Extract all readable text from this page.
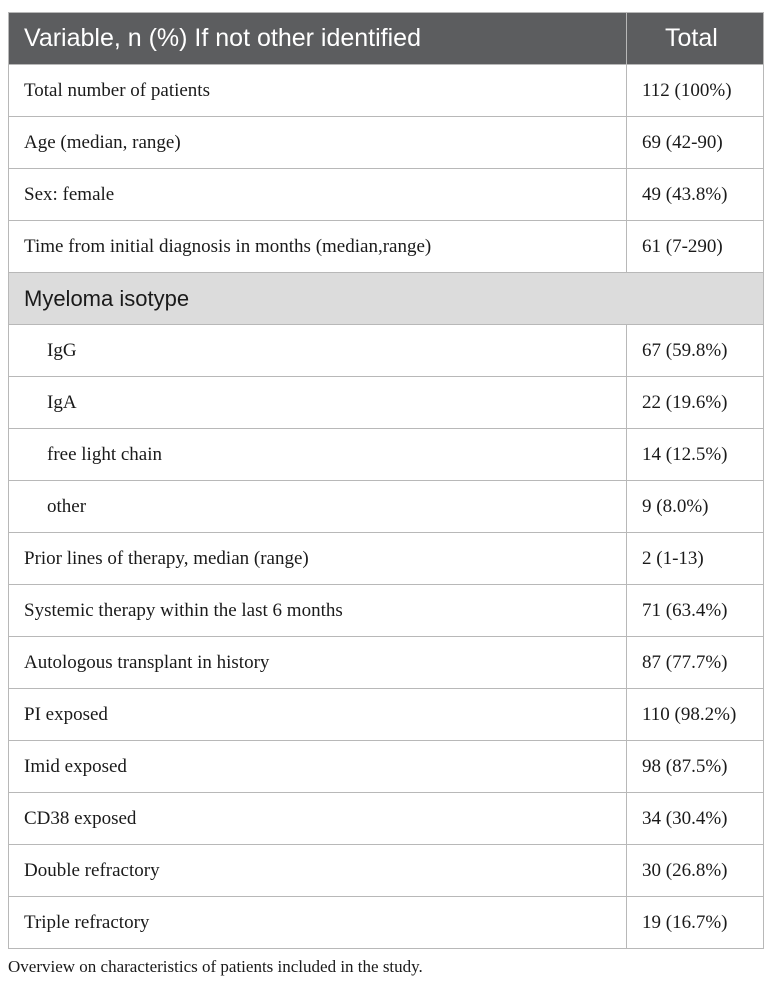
Variable, n (%) If not other identified	Total
Total number of patients	112 (100%)
Age (median, range)	69 (42-90)
Sex: female	49 (43.8%)
Time from initial diagnosis in months (median,range)	61 (7-290)
Myeloma isotype	
IgG	67 (59.8%)
IgA	22 (19.6%)
free light chain	14 (12.5%)
other	9 (8.0%)
Prior lines of therapy, median (range)	2 (1-13)
Systemic therapy within the last 6 months	71 (63.4%)
Autologous transplant in history	87 (77.7%)
PI exposed	110 (98.2%)
Imid exposed	98 (87.5%)
CD38 exposed	34 (30.4%)
Double refractory	30 (26.8%)
Triple refractory	19 (16.7%)
Overview on characteristics of patients included in the study.
